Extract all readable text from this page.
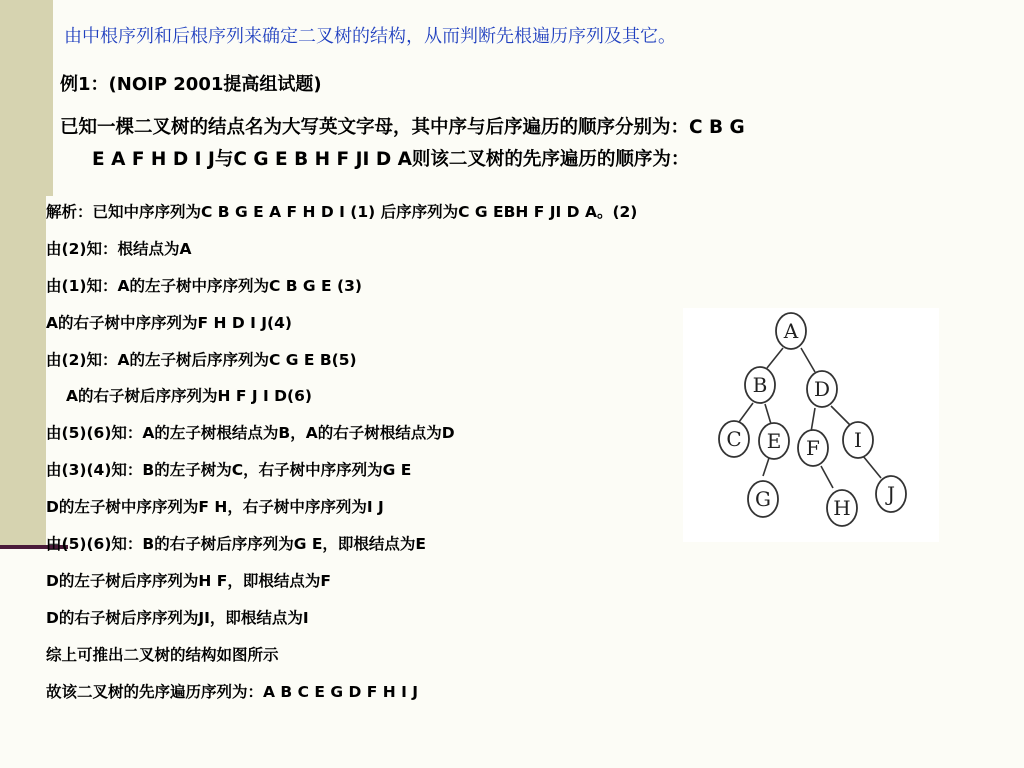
由中根序列和后根序列来确定二叉树的结构，从而判断先根遍历序列及其它。
例1：(NOIP 2001提高组试题)
已知一棵二叉树的结点名为大写英文字母，其中序与后序遍历的顺序分别为：C B G
E A F H D I J与C G E B H F JI D A则该二叉树的先序遍历的顺序为：
解析：已知中序序列为C B G E A F H D I (1) 后序序列为C G EBH F JI D A。(2)
由(2)知：根结点为A
由(1)知：A的左子树中序序列为C B G E (3)
A的右子树中序序列为F H D I J(4)
由(2)知：A的左子树后序序列为C G E B(5)
A的右子树后序序列为H F J I D(6)
由(5)(6)知：A的左子树根结点为B，A的右子树根结点为D
由(3)(4)知：B的左子树为C，右子树中序序列为G E
D的左子树中序序列为F H，右子树中序序列为I J
由(5)(6)知：B的右子树后序序列为G E，即根结点为E
D的左子树后序序列为H F，即根结点为F
D的右子树后序序列为JI，即根结点为I
综上可推出二叉树的结构如图所示
故该二叉树的先序遍历序列为：A B C E G D F H I J
A
B D
C E F I
G	H
J
